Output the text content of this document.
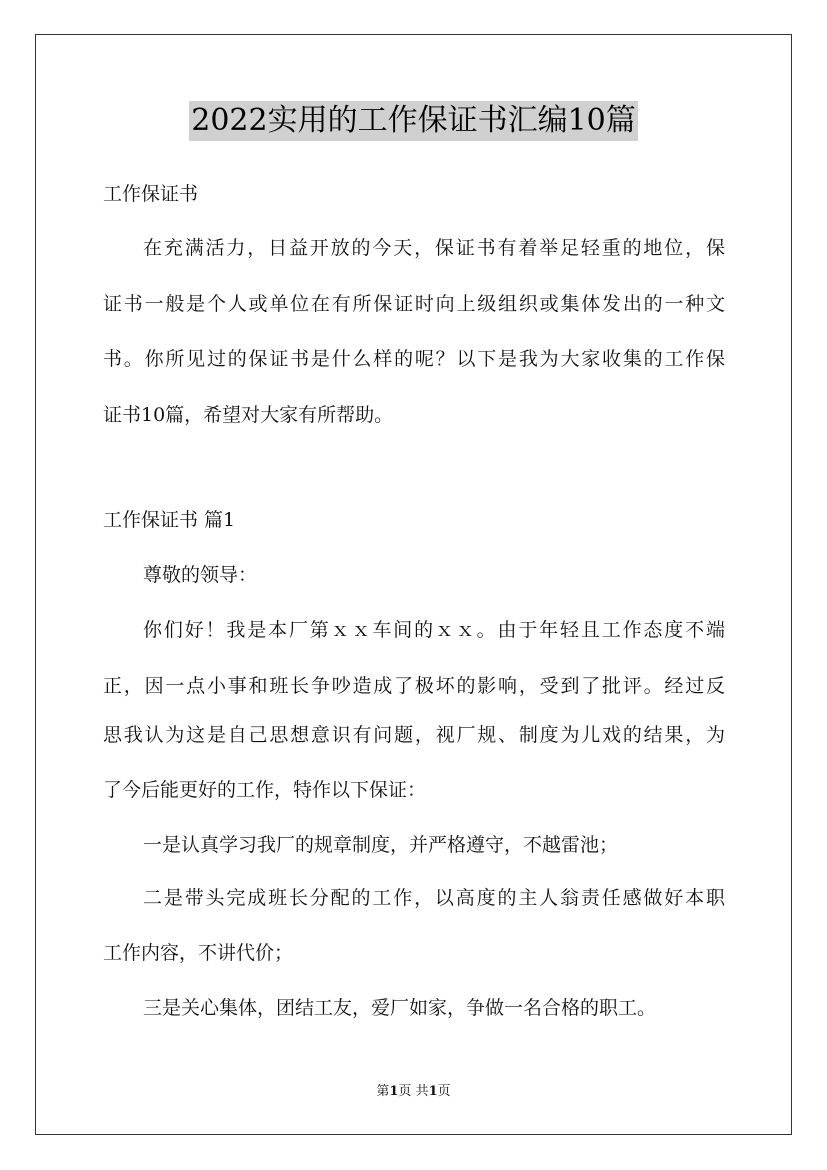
2022实用的工作保证书汇编10篇
工作保证书
在充满活力，日益开放的今天，保证书有着举足轻重的地位，保
证书一般是个人或单位在有所保证时向上级组织或集体发出的一种文
书。你所见过的保证书是什么样的呢？以下是我为大家收集的工作保
证书10篇，希望对大家有所帮助。
工作保证书 篇1
尊敬的领导：
你们好！我是本厂第ｘｘ车间的ｘｘ。由于年轻且工作态度不端
正，因一点小事和班长争吵造成了极坏的影响，受到了批评。经过反
思我认为这是自己思想意识有问题，视厂规、制度为儿戏的结果，为
了今后能更好的工作，特作以下保证：
一是认真学习我厂的规章制度，并严格遵守，不越雷池；
二是带头完成班长分配的工作，以高度的主人翁责任感做好本职
工作内容，不讲代价；
三是关心集体，团结工友，爱厂如家，争做一名合格的职工。
第1页 共1页
